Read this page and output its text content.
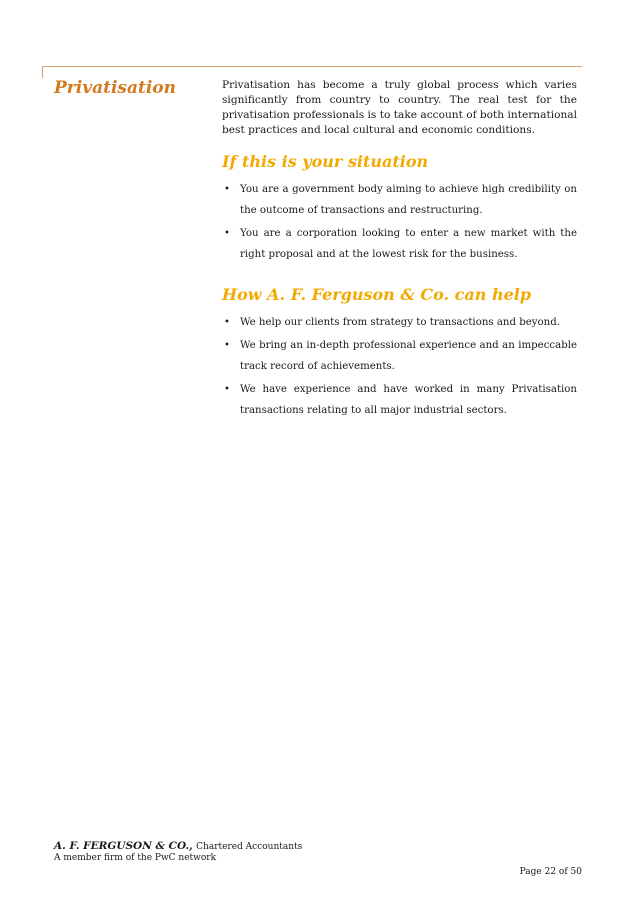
Privatisation	Privatisation has become a truly global process which varies significantly from country to country. The real test for the privatisation professionals is to take account of both international best practices and local cultural and economic conditions.

If this is your situation
• You are a government body aiming to achieve high credibility on the outcome of transactions and restructuring.
• You are a corporation looking to enter a new market with the right proposal and at the lowest risk for the business.
How A. F. Ferguson & Co. can help
• We help our clients from strategy to transactions and beyond.
• We bring an in-depth professional experience and an impeccable track record of achievements.
• We have experience and have worked in many Privatisation transactions relating to all major industrial sectors.

A. F. FERGUSON & CO., Chartered Accountants

A member firm of the PwC network

Page 22 of 50
